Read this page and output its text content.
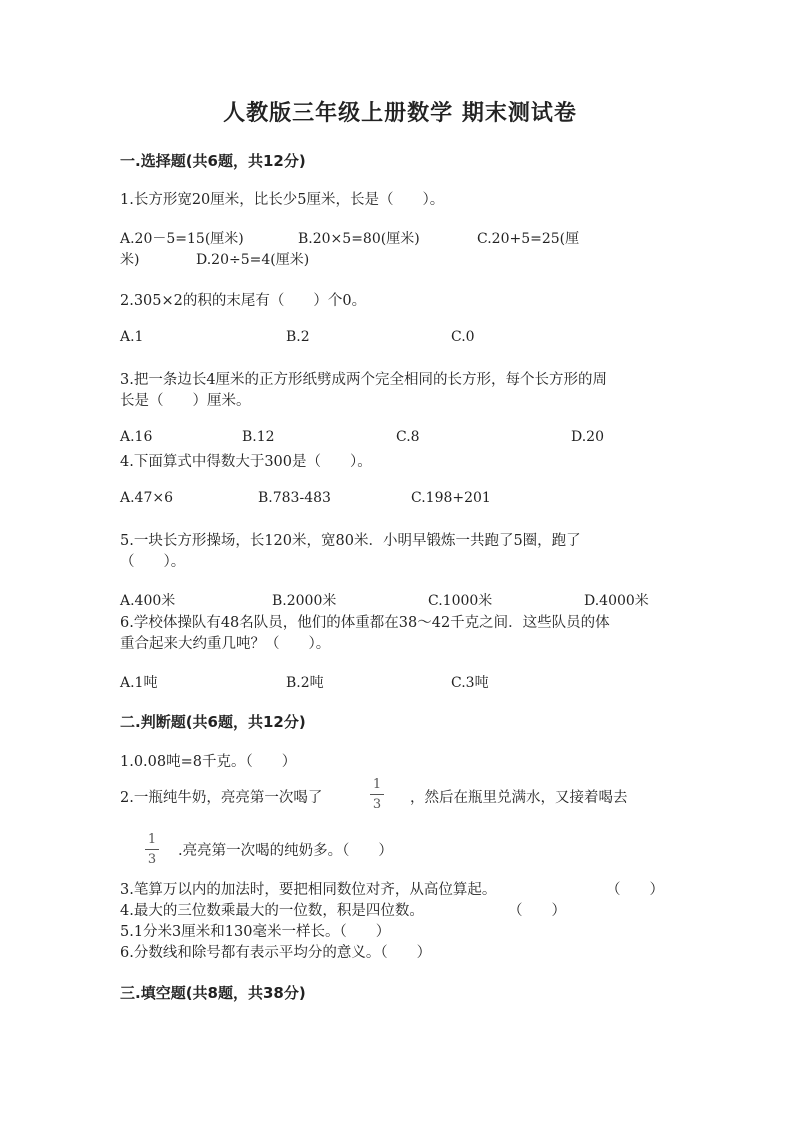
人教版三年级上册数学 期末测试卷
一.选择题(共6题，共12分)
1.长方形宽20厘米，比长少5厘米，长是（　　）。
A.20－5=15(厘米)	B.20×5=80(厘米)	C.20+5=25(厘
米)	D.20÷5=4(厘米)
2.305×2的积的末尾有（　　）个0。
A.1	B.2	C.0
3.把一条边长4厘米的正方形纸劈成两个完全相同的长方形，每个长方形的周
长是（　　）厘米。
A.16	B.12	C.8	D.20
4.下面算式中得数大于300是（　　）。
A.47×6	B.783-483	C.198+201
5.一块长方形操场，长120米，宽80米．小明早锻炼一共跑了5圈，跑了
（　　）。
A.400米	B.2000米	C.1000米	D.4000米
6.学校体操队有48名队员，他们的体重都在38～42千克之间．这些队员的体
重合起来大约重几吨？（　　）。
A.1吨	B.2吨	C.3吨
二.判断题(共6题，共12分)
1.0.08吨=8千克。（　　）
2.一瓶纯牛奶，亮亮第一次喝了	$\frac{1}{3}$ ，然后在瓶里兑满水，又接着喝去
$\frac{1}{3}$ .亮亮第一次喝的纯奶多。（　　）
3.笔算万以内的加法时，要把相同数位对齐，从高位算起。	（　　）
4.最大的三位数乘最大的一位数，积是四位数。	（　　）
5.1分米3厘米和130毫米一样长。（　　）
6.分数线和除号都有表示平均分的意义。（　　）
三.填空题(共8题，共38分)
